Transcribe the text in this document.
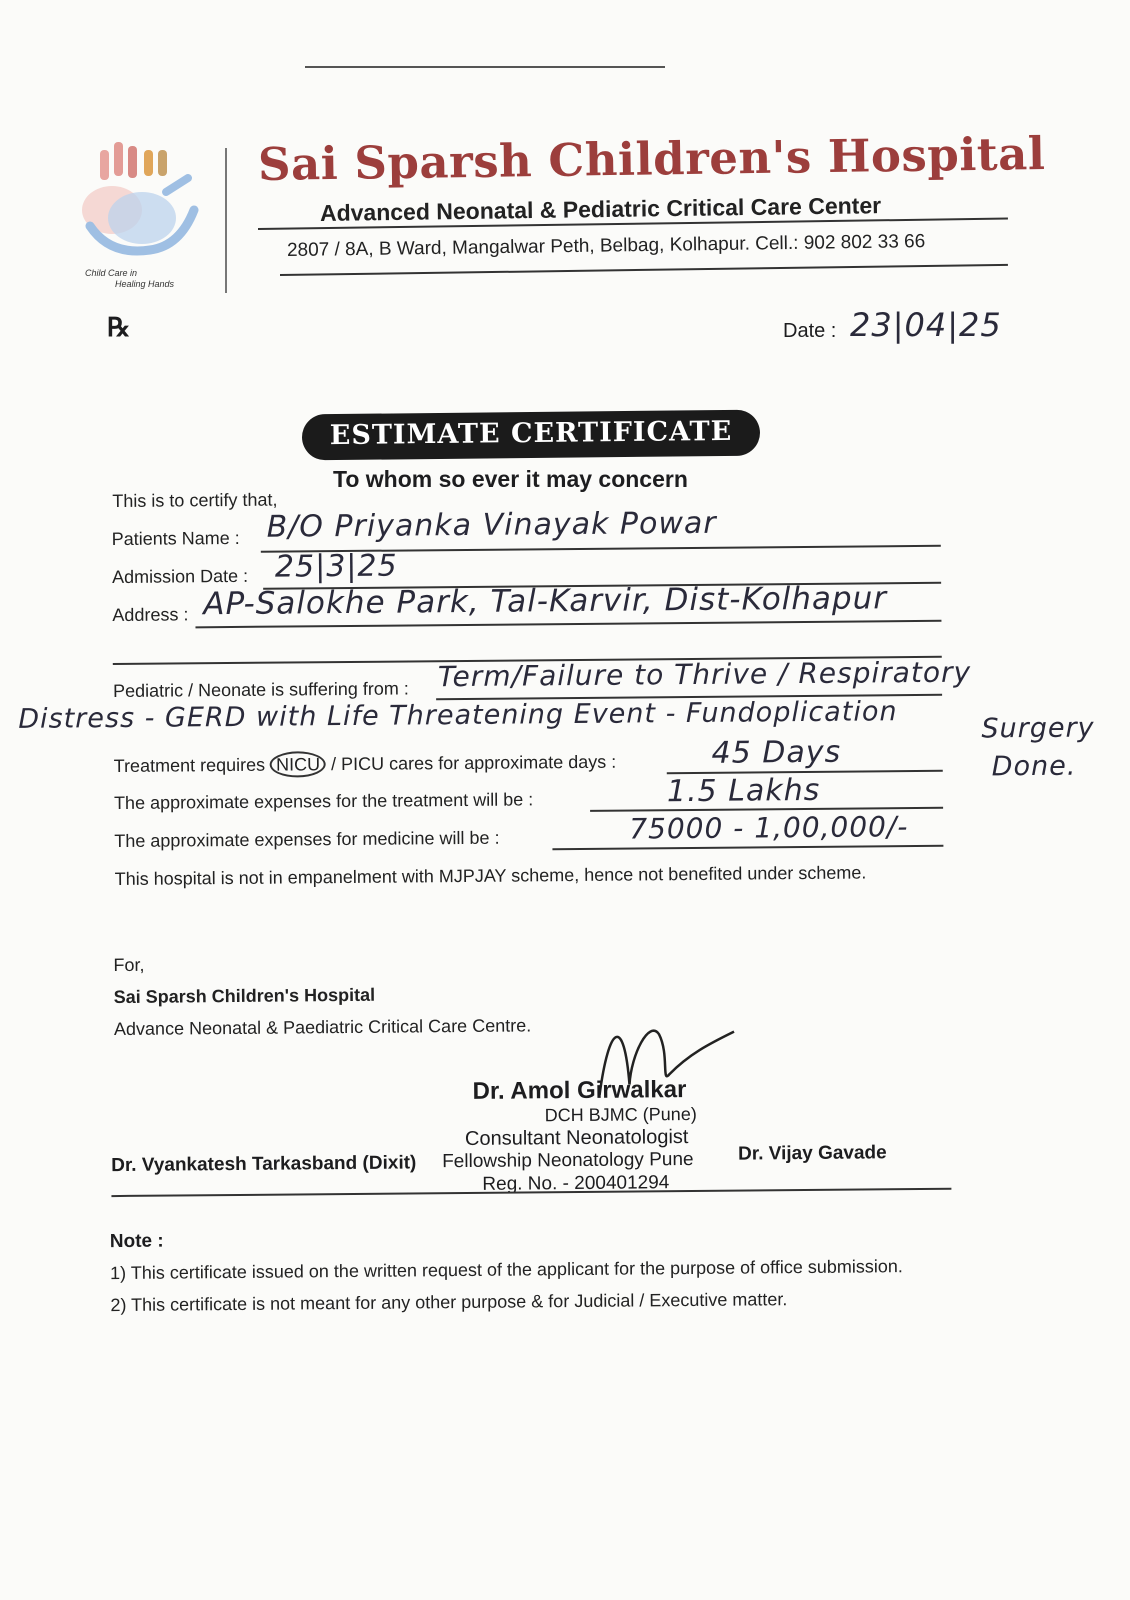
Child Care in
Healing Hands
Sai Sparsh Children's Hospital
Advanced Neonatal & Pediatric Critical Care Center
2807 / 8A, B Ward, Mangalwar Peth, Belbag, Kolhapur. Cell.: 902 802 33 66
℞	Date : 23|04|25
ESTIMATE CERTIFICATE
To whom so ever it may concern
This is to certify that,
Patients Name : B/O Priyanka Vinayak Powar
Admission Date : 25|3|25
Address : AP-Salokhe Park, Tal-Karvir, Dist-Kolhapur
Pediatric / Neonate is suffering from : Term/Failure to Thrive / Respiratory
Distress - GERD with Life Threatening Event - Fundoplication	Surgery
Done.
Treatment requires NICU / PICU cares for approximate days :	45 Days
The approximate expenses for the treatment will be :	1.5 Lakhs
The approximate expenses for medicine will be :	75000 - 1,00,000/-
This hospital is not in empanelment with MJPJAY scheme, hence not benefited under scheme.
For,
Sai Sparsh Children's Hospital
Advance Neonatal & Paediatric Critical Care Centre.
Dr. Amol Girwalkar
DCH BJMC (Pune)
Consultant Neonatologist
Fellowship Neonatology Pune
Reg. No. - 200401294
Dr. Vyankatesh Tarkasband (Dixit)	Dr. Vijay Gavade
Note :
1) This certificate issued on the written request of the applicant for the purpose of office submission.
2) This certificate is not meant for any other purpose & for Judicial / Executive matter.
